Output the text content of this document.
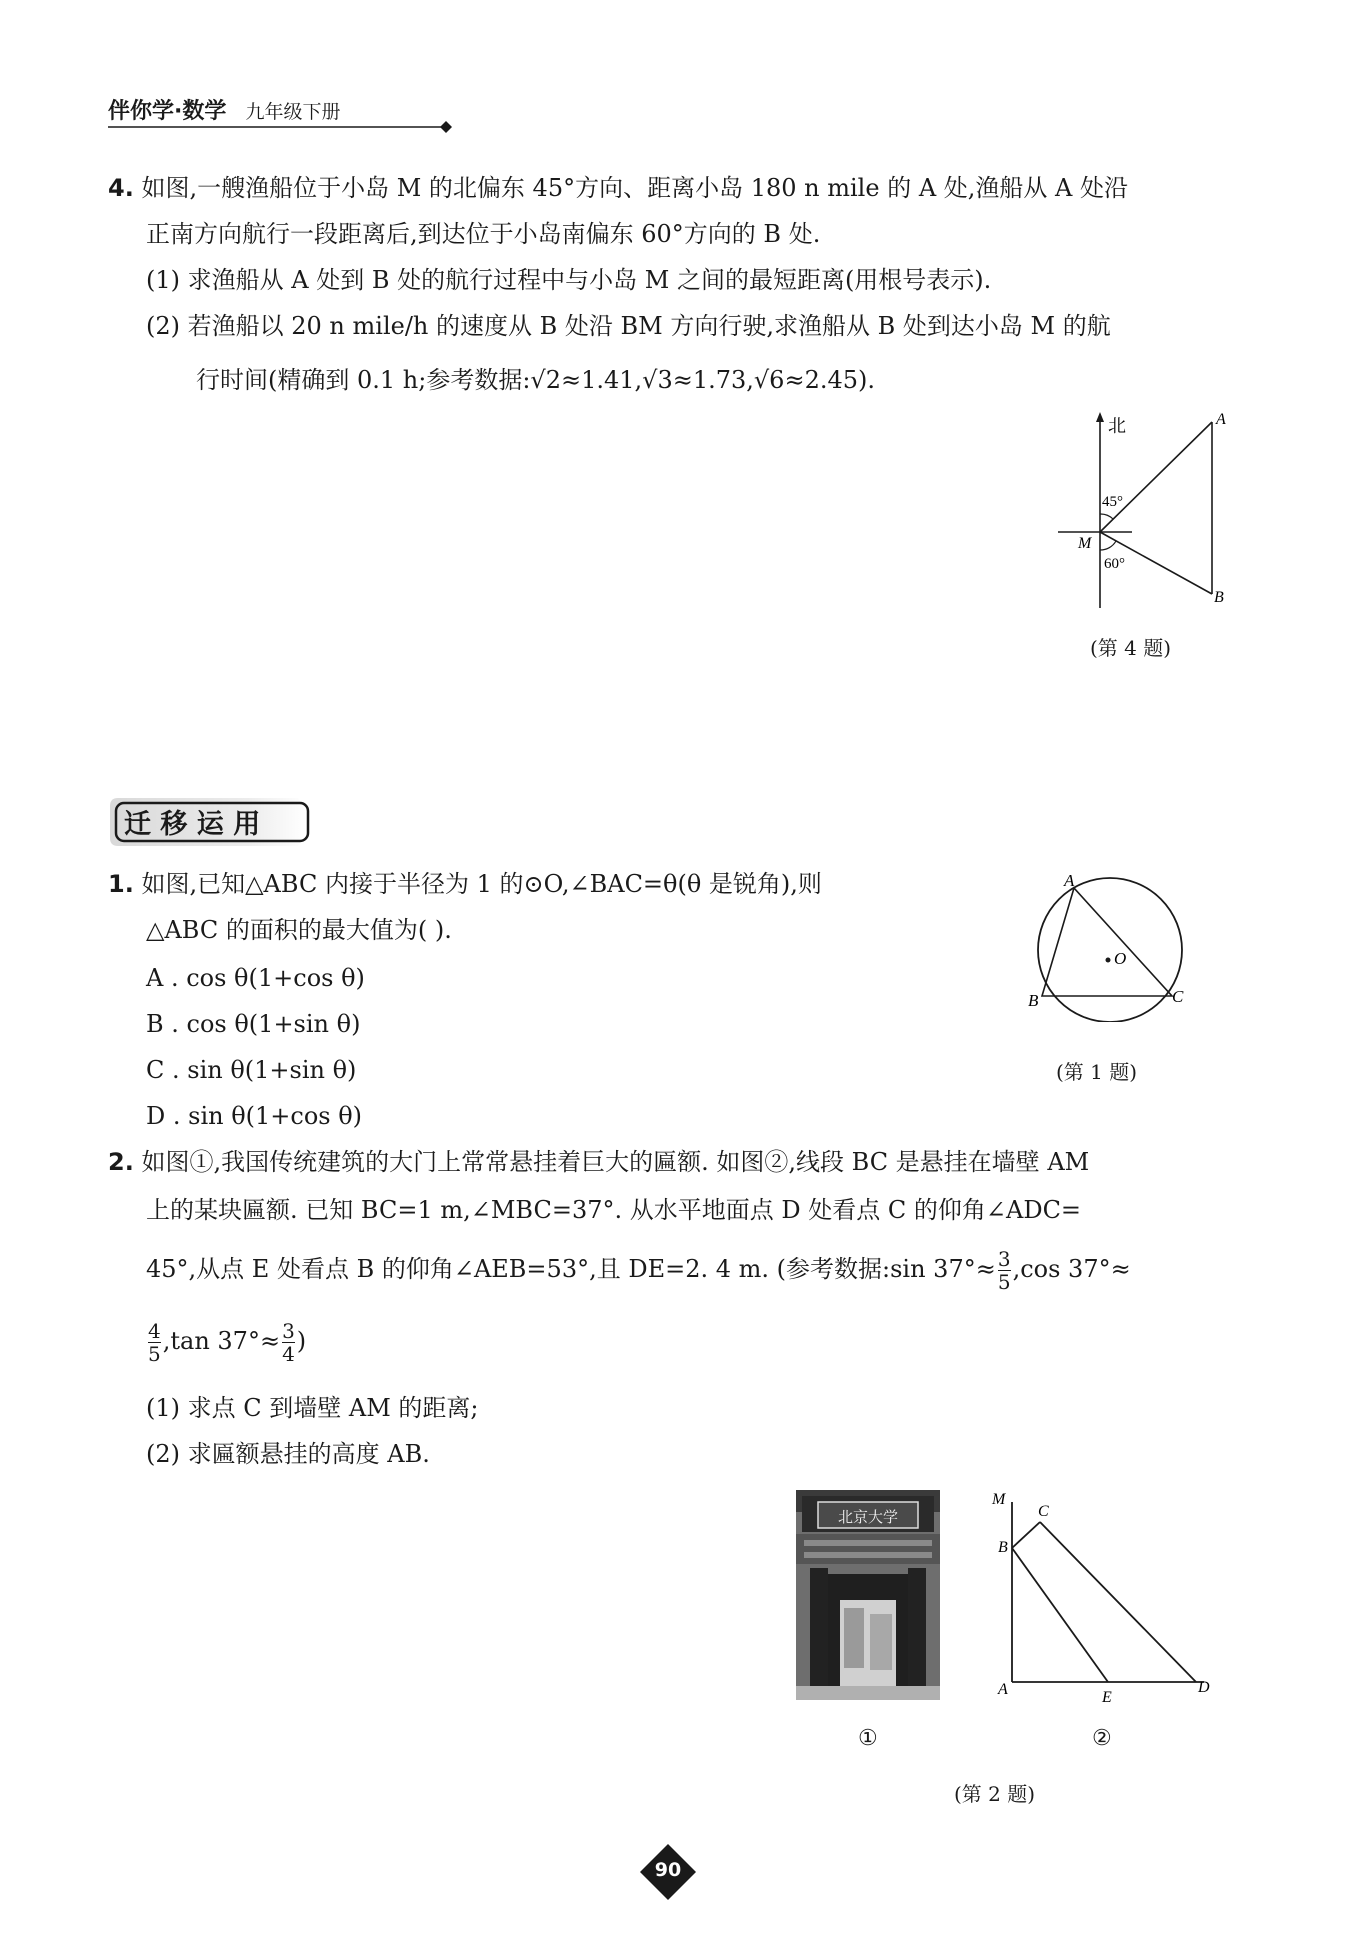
伴你学·数学 九年级下册
4. 如图,一艘渔船位于小岛 M 的北偏东 45°方向、距离小岛 180 n mile 的 A 处,渔船从 A 处沿
正南方向航行一段距离后,到达位于小岛南偏东 60°方向的 B 处.
(1) 求渔船从 A 处到 B 处的航行过程中与小岛 M 之间的最短距离(用根号表示).
(2) 若渔船以 20 n mile/h 的速度从 B 处沿 BM 方向行驶,求渔船从 B 处到达小岛 M 的航
行时间(精确到 0.1 h;参考数据:√2≈1.41,√3≈1.73,√6≈2.45).
北	A
B
M
45°
60°
(第 4 题)
迁 移 运 用
1. 如图,已知△ABC 内接于半径为 1 的⊙O,∠BAC=θ(θ 是锐角),则
△ABC 的面积的最大值为( ).
A . cos θ(1+cos θ)
B . cos θ(1+sin θ)
C . sin θ(1+sin θ)
D . sin θ(1+cos θ)
A
B	C
O
(第 1 题)
2. 如图①,我国传统建筑的大门上常常悬挂着巨大的匾额. 如图②,线段 BC 是悬挂在墙壁 AM
上的某块匾额. 已知 BC=1 m,∠MBC=37°. 从水平地面点 D 处看点 C 的仰角∠ADC=
45°,从点 E 处看点 B 的仰角∠AEB=53°,且 DE=2. 4 m. (参考数据:sin $37^\circ\approx \frac{3}{5} ,\cos$ 37°≈
$\frac{4}{5} ,\tan$ $37^\circ\approx \frac{3}{4}$ )
(1) 求点 C 到墙壁 AM 的距离;
(2) 求匾额悬挂的高度 AB.
北京大学
①
M
C
B
A	E
D
②
(第 2 题)
90
